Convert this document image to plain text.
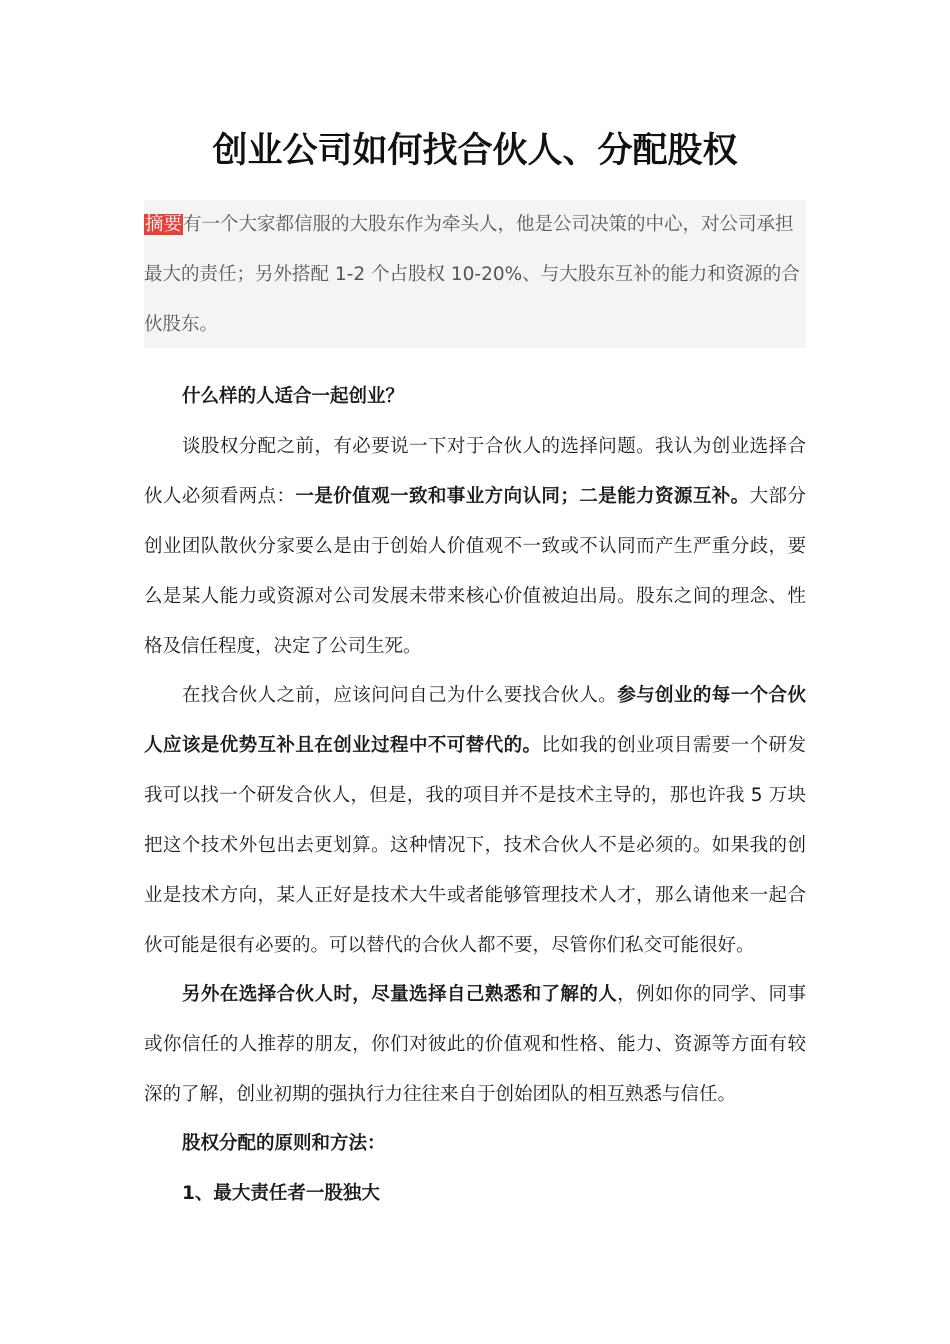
创业公司如何找合伙人、分配股权
摘要有一个大家都信服的大股东作为牵头人，他是公司决策的中心，对公司承担最大的责任；另外搭配 1-2 个占股权 10-20%、与大股东互补的能力和资源的合伙股东。
什么样的人适合一起创业？
谈股权分配之前，有必要说一下对于合伙人的选择问题。我认为创业选择合伙人必须看两点：一是价值观一致和事业方向认同；二是能力资源互补。大部分创业团队散伙分家要么是由于创始人价值观不一致或不认同而产生严重分歧，要么是某人能力或资源对公司发展未带来核心价值被迫出局。股东之间的理念、性格及信任程度，决定了公司生死。
在找合伙人之前，应该问问自己为什么要找合伙人。参与创业的每一个合伙人应该是优势互补且在创业过程中不可替代的。比如我的创业项目需要一个研发我可以找一个研发合伙人，但是，我的项目并不是技术主导的，那也许我 5 万块把这个技术外包出去更划算。这种情况下，技术合伙人不是必须的。如果我的创业是技术方向，某人正好是技术大牛或者能够管理技术人才，那么请他来一起合伙可能是很有必要的。可以替代的合伙人都不要，尽管你们私交可能很好。
另外在选择合伙人时，尽量选择自己熟悉和了解的人，例如你的同学、同事或你信任的人推荐的朋友，你们对彼此的价值观和性格、能力、资源等方面有较深的了解，创业初期的强执行力往往来自于创始团队的相互熟悉与信任。
股权分配的原则和方法：
1、最大责任者一股独大
